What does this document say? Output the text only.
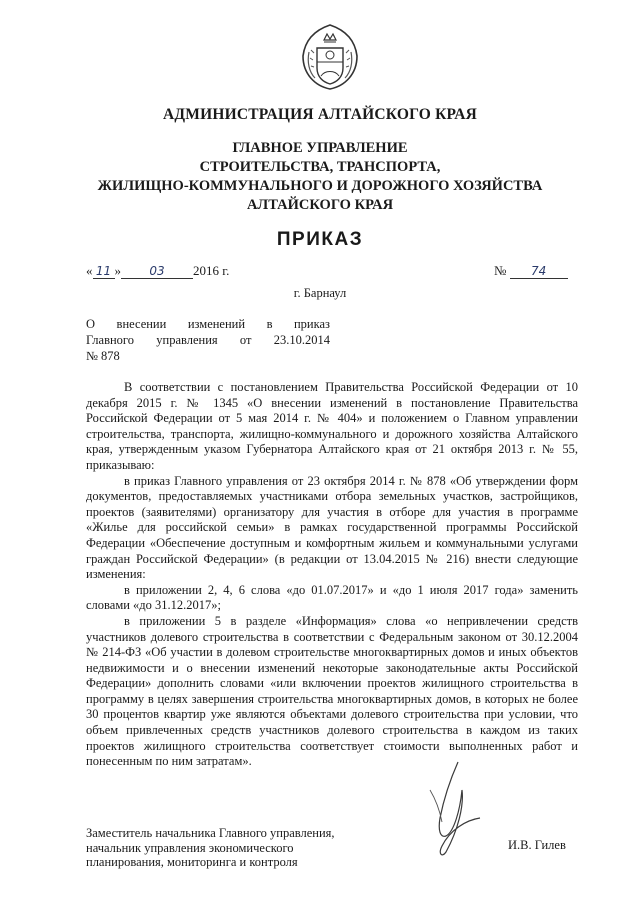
АДМИНИСТРАЦИЯ АЛТАЙСКОГО КРАЯ
ГЛАВНОЕ УПРАВЛЕНИЕ
СТРОИТЕЛЬСТВА, ТРАНСПОРТА,
ЖИЛИЩНО-КОММУНАЛЬНОГО И ДОРОЖНОГО ХОЗЯЙСТВА
АЛТАЙСКОГО КРАЯ
ПРИКАЗ
« 11 » 03 2016 г.	№ 74
г. Барнаул
О внесении изменений в приказ
Главного управления от 23.10.2014
№ 878

В соответствии с постановлением Правительства Российской Федерации от 10 декабря 2015 г. № 1345 «О внесении изменений в постановление Правительства Российской Федерации от 5 мая 2014 г. № 404» и положением о Главном управлении строительства, транспорта, жилищно-коммунального и дорожного хозяйства Алтайского края, утвержденным указом Губернатора Алтайского края от 21 октября 2013 г. № 55, приказываю:

в приказ Главного управления от 23 октября 2014 г. № 878 «Об утверждении форм документов, предоставляемых участниками отбора земельных участков, застройщиков, проектов (заявителями) организатору для участия в отборе для участия в программе «Жилье для российской семьи» в рамках государственной программы Российской Федерации «Обеспечение доступным и комфортным жильем и коммунальными услугами граждан Российской Федерации» (в редакции от 13.04.2015 № 216) внести следующие изменения:

в приложении 2, 4, 6 слова «до 01.07.2017» и «до 1 июля 2017 года» заменить словами «до 31.12.2017»;

в приложении 5 в разделе «Информация» слова «о непривлечении средств участников долевого строительства в соответствии с Федеральным законом от 30.12.2004 № 214-ФЗ «Об участии в долевом строительстве многоквартирных домов и иных объектов недвижимости и о внесении изменений некоторые законодательные акты Российской Федерации» дополнить словами «или включении проектов жилищного строительства в программу в целях завершения строительства многоквартирных домов, в которых не более 30 процентов квартир уже являются объектами долевого строительства при условии, что объем привлеченных средств участников долевого строительства в каждом из таких проектов жилищного строительства соответствует стоимости выполненных работ и понесенным по ним затратам».

Заместитель начальника Главного управления, начальник управления экономического планирования, мониторинга и контроля
И.В. Гилев
